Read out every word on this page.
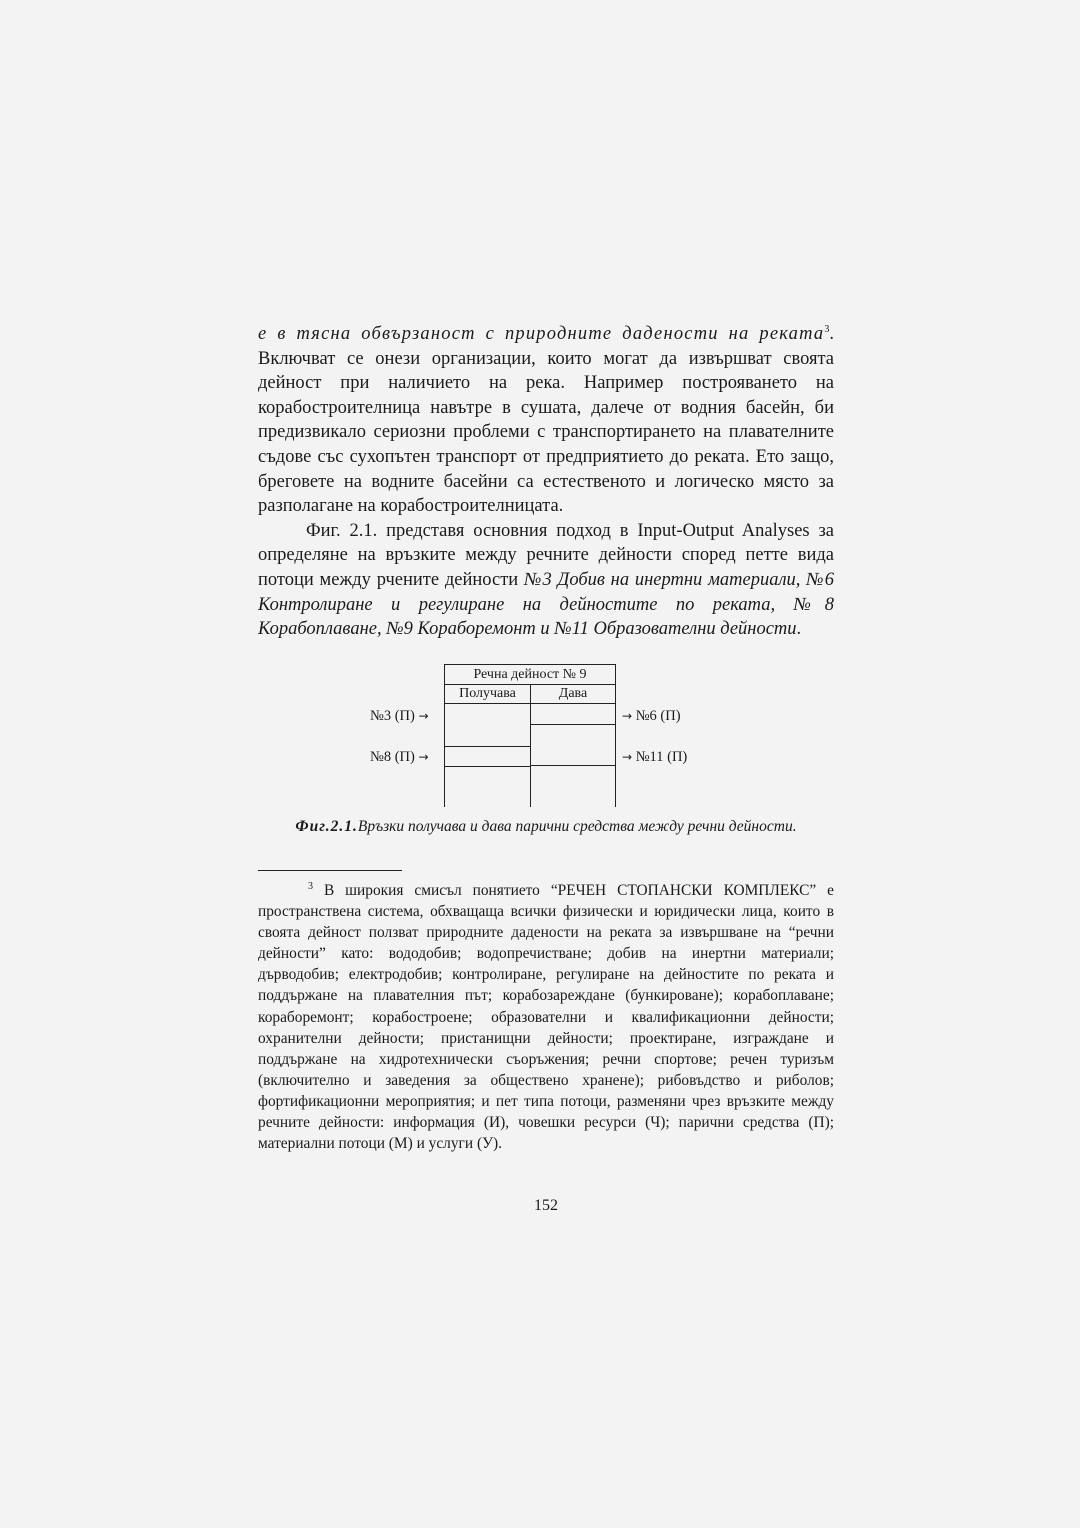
е в тясна обвързаност с природните дадености на реката$^3$. Включват се онези организации, които могат да извършват своята дейност при наличието на река. Например построяването на корабостроителница навътре в сушата, далече от водния басейн, би предизвикало сериозни проблеми с транспортирането на плавателните съдове със сухопътен транспорт от предприятието до реката. Ето защо, бреговете на водните басейни са естественото и логическо място за разполагане на корабостроителницата.

Фиг. 2.1. представя основния подход в Input-Output Analyses за определяне на връзките между речните дейности според петте вида потоци между рчените дейности №3 Добив на инертни материали, №6 Контролиране и регулиране на дейностите по реката, №8 Корабоплаване, №9 Кораборемонт и №11 Образователни дейности.

Речна дейност № 9
Получава	Дава
№3 (П) →
№8 (П) →
→ №6 (П)
→ №11 (П)
Фиг.2.1.Връзки получава и дава парични средства между речни дейности.
$^3$ В широкия смисъл понятието “РЕЧЕН СТОПАНСКИ КОМПЛЕКС” е пространствена система, обхващаща всички физически и юридически лица, които в своята дейност ползват природните дадености на реката за извършване на “речни дейности” като: вододобив; водопречистване; добив на инертни материали; дърводобив; електродобив; контролиране, регулиране на дейностите по реката и поддържане на плавателния път; корабозареждане (бункироване); корабоплаване; кораборемонт; корабостроене; образователни и квалификационни дейности; охранителни дейности; пристанищни дейности; проектиране, изграждане и поддържане на хидротехнически съоръжения; речни спортове; речен туризъм (включително и заведения за обществено хранене); рибовъдство и риболов; фортификационни мероприятия; и пет типа потоци, разменяни чрез връзките между речните дейности: информация (И), човешки ресурси (Ч); парични средства (П); материални потоци (М) и услуги (У).
152
